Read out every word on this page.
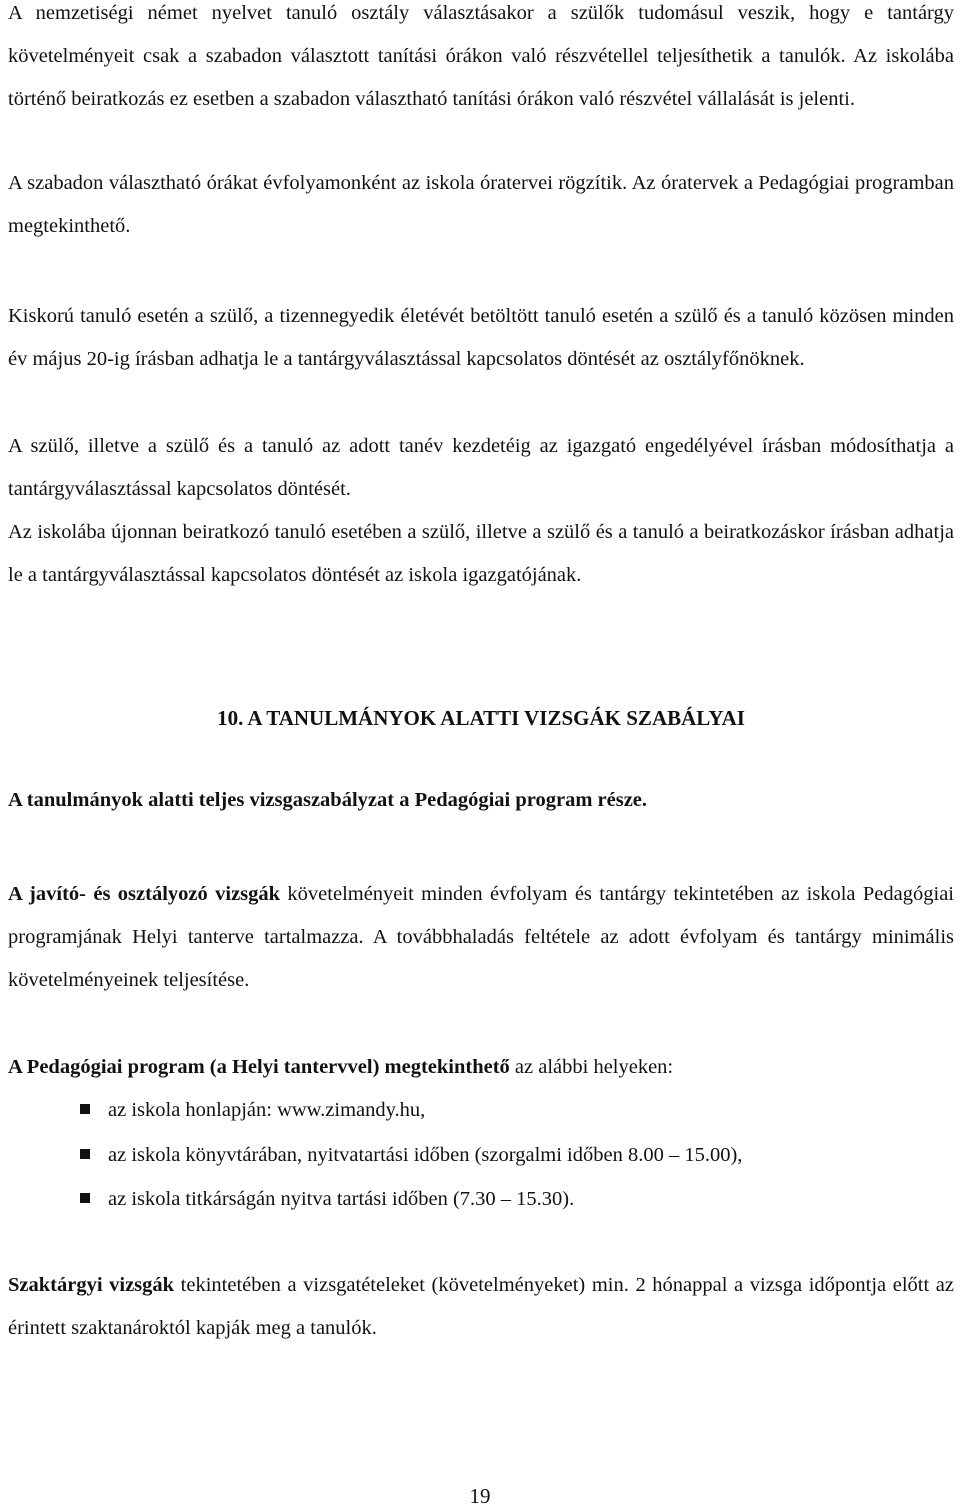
A nemzetiségi német nyelvet tanuló osztály választásakor a szülők tudomásul veszik, hogy e tantárgy követelményeit csak a szabadon választott tanítási órákon való részvétellel teljesíthetik a tanulók. Az iskolába történő beiratkozás ez esetben a szabadon választható tanítási órákon való részvétel vállalását is jelenti.

A szabadon választható órákat évfolyamonként az iskola óratervei rögzítik. Az óratervek a Pedagógiai programban megtekinthető.

Kiskorú tanuló esetén a szülő, a tizennegyedik életévét betöltött tanuló esetén a szülő és a tanuló közösen minden év május 20-ig írásban adhatja le a tantárgyválasztással kapcsolatos döntését az osztályfőnöknek.

A szülő, illetve a szülő és a tanuló az adott tanév kezdetéig az igazgató engedélyével írásban módosíthatja a tantárgyválasztással kapcsolatos döntését.

Az iskolába újonnan beiratkozó tanuló esetében a szülő, illetve a szülő és a tanuló a beiratkozáskor írásban adhatja le a tantárgyválasztással kapcsolatos döntését az iskola igazgatójának.

10. A TANULMÁNYOK ALATTI VIZSGÁK SZABÁLYAI

A tanulmányok alatti teljes vizsgaszabályzat a Pedagógiai program része.

A javító- és osztályozó vizsgák követelményeit minden évfolyam és tantárgy tekintetében az iskola Pedagógiai programjának Helyi tanterve tartalmazza. A továbbhaladás feltétele az adott évfolyam és tantárgy minimális követelményeinek teljesítése.

A Pedagógiai program (a Helyi tantervvel) megtekinthető az alábbi helyeken:

az iskola honlapján: www.zimandy.hu,
az iskola könyvtárában, nyitvatartási időben (szorgalmi időben 8.00 – 15.00),
az iskola titkárságán nyitva tartási időben (7.30 – 15.30).

Szaktárgyi vizsgák tekintetében a vizsgatételeket (követelményeket) min. 2 hónappal a vizsga időpontja előtt az érintett szaktanároktól kapják meg a tanulók.

19
